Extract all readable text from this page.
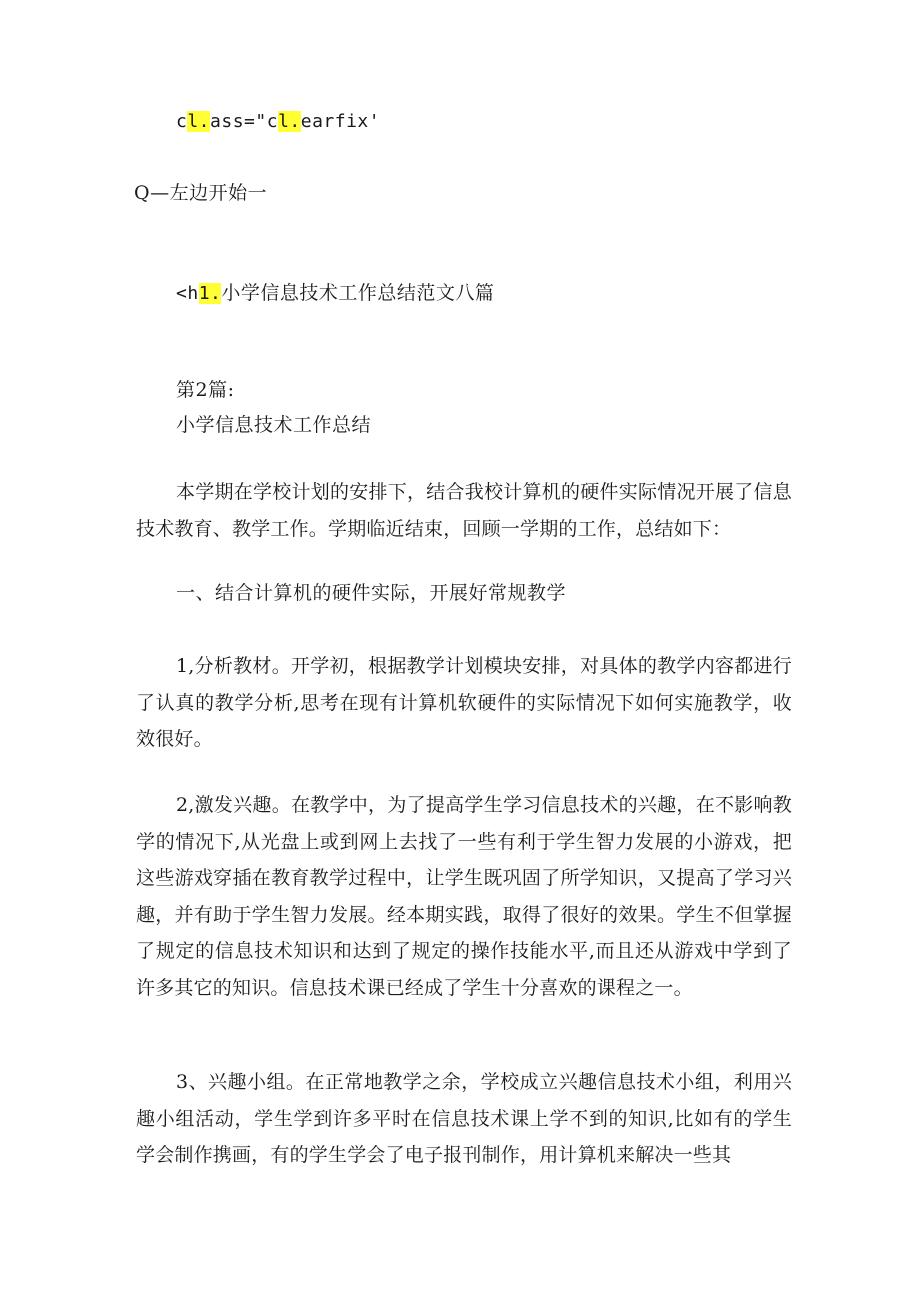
cl.ass="cl.earfix'
Q—左边开始一
<h1.小学信息技术工作总结范文八篇
第2篇:
小学信息技术工作总结
本学期在学校计划的安排下，结合我校计算机的硬件实际情况开展了信息技术教育、教学工作。学期临近结束，回顾一学期的工作，总结如下：
一、结合计算机的硬件实际，开展好常规教学
1,分析教材。开学初，根据教学计划模块安排，对具体的教学内容都进行了认真的教学分析,思考在现有计算机软硬件的实际情况下如何实施教学，收效很好。
2,激发兴趣。在教学中，为了提高学生学习信息技术的兴趣，在不影响教学的情况下,从光盘上或到网上去找了一些有利于学生智力发展的小游戏，把这些游戏穿插在教育教学过程中，让学生既巩固了所学知识，又提高了学习兴趣，并有助于学生智力发展。经本期实践，取得了很好的效果。学生不但掌握了规定的信息技术知识和达到了规定的操作技能水平,而且还从游戏中学到了许多其它的知识。信息技术课已经成了学生十分喜欢的课程之一。
3、兴趣小组。在正常地教学之余，学校成立兴趣信息技术小组，利用兴趣小组活动，学生学到许多平时在信息技术课上学不到的知识,比如有的学生学会制作携画，有的学生学会了电子报刊制作，用计算机来解决一些其
